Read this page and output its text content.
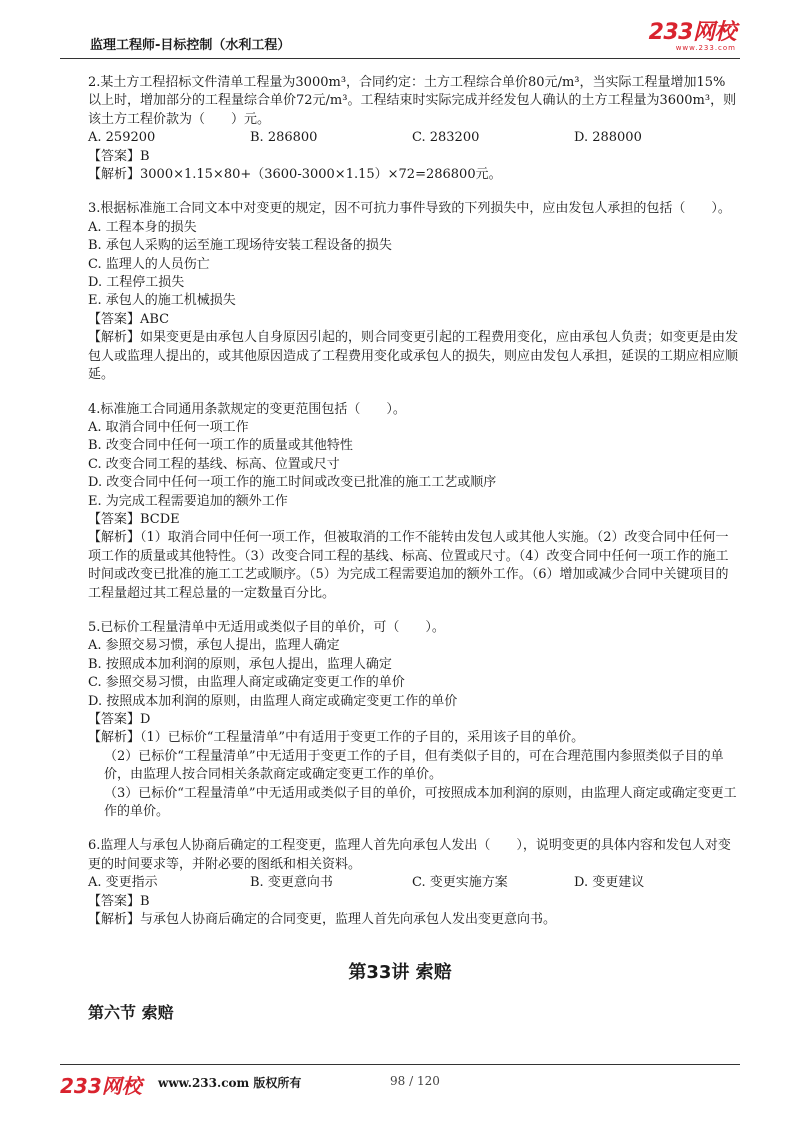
监理工程师-目标控制（水利工程）
233网校
www.233.com

2.某土方工程招标文件清单工程量为3000m³，合同约定：土方工程综合单价80元/m³，当实际工程量增加15%以上时，增加部分的工程量综合单价72元/m³。工程结束时实际完成并经发包人确认的土方工程量为3600m³，则该土方工程价款为（　　）元。

A. 259200	B. 286800	C. 283200	D. 288000

【答案】B

【解析】3000×1.15×80+（3600-3000×1.15）×72=286800元。

3.根据标准施工合同文本中对变更的规定，因不可抗力事件导致的下列损失中，应由发包人承担的包括（　　）。

A. 工程本身的损失

B. 承包人采购的运至施工现场待安装工程设备的损失

C. 监理人的人员伤亡

D. 工程停工损失

E. 承包人的施工机械损失

【答案】ABC

【解析】如果变更是由承包人自身原因引起的，则合同变更引起的工程费用变化，应由承包人负责；如变更是由发包人或监理人提出的，或其他原因造成了工程费用变化或承包人的损失，则应由发包人承担，延误的工期应相应顺延。

4.标准施工合同通用条款规定的变更范围包括（　　）。

A. 取消合同中任何一项工作

B. 改变合同中任何一项工作的质量或其他特性

C. 改变合同工程的基线、标高、位置或尺寸

D. 改变合同中任何一项工作的施工时间或改变已批准的施工工艺或顺序

E. 为完成工程需要追加的额外工作

【答案】BCDE

【解析】（1）取消合同中任何一项工作，但被取消的工作不能转由发包人或其他人实施。（2）改变合同中任何一项工作的质量或其他特性。（3）改变合同工程的基线、标高、位置或尺寸。（4）改变合同中任何一项工作的施工时间或改变已批准的施工工艺或顺序。（5）为完成工程需要追加的额外工作。（6）增加或减少合同中关键项目的工程量超过其工程总量的一定数量百分比。

5.已标价工程量清单中无适用或类似子目的单价，可（　　）。

A. 参照交易习惯，承包人提出，监理人确定

B. 按照成本加利润的原则，承包人提出，监理人确定

C. 参照交易习惯，由监理人商定或确定变更工作的单价

D. 按照成本加利润的原则，由监理人商定或确定变更工作的单价

【答案】D

【解析】（1）已标价“工程量清单”中有适用于变更工作的子目的，采用该子目的单价。

（2）已标价“工程量清单”中无适用于变更工作的子目，但有类似子目的，可在合理范围内参照类似子目的单价，由监理人按合同相关条款商定或确定变更工作的单价。

（3）已标价“工程量清单”中无适用或类似子目的单价，可按照成本加利润的原则，由监理人商定或确定变更工作的单价。

6.监理人与承包人协商后确定的工程变更，监理人首先向承包人发出（　　），说明变更的具体内容和发包人对变更的时间要求等，并附必要的图纸和相关资料。

A. 变更指示	B. 变更意向书	C. 变更实施方案	D. 变更建议

【答案】B

【解析】与承包人协商后确定的合同变更，监理人首先向承包人发出变更意向书。

第33讲 索赔
第六节 索赔
233网校 www.233.com 版权所有	98 / 120
